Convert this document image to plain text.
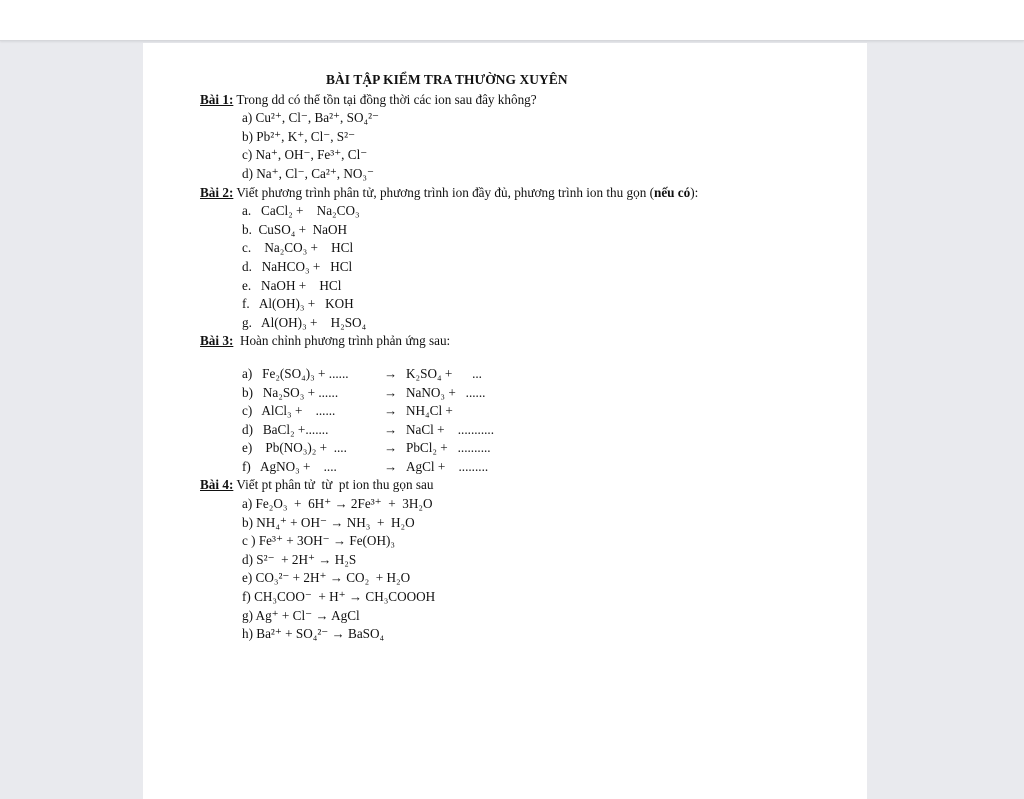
BÀI TẬP KIỂM TRA THƯỜNG XUYÊN
Bài 1: Trong dd có thể tồn tại đồng thời các ion sau đây không?
a) Cu²⁺, Cl⁻, Ba²⁺, SO₄²⁻
b) Pb²⁺, K⁺, Cl⁻, S²⁻
c) Na⁺, OH⁻, Fe³⁺, Cl⁻
d) Na⁺, Cl⁻, Ca²⁺, NO₃⁻
Bài 2: Viết phương trình phân tử, phương trình ion đầy đủ, phương trình ion thu gọn (nếu có):
a.   CaCl₂ +    Na₂CO₃
b.  CuSO₄ +  NaOH
c.    Na₂CO₃ +    HCl
d.   NaHCO₃ +   HCl
e.   NaOH +    HCl
f.   Al(OH)₃ +   KOH
g.   Al(OH)₃ +    H₂SO₄
Bài 3:  Hoàn chỉnh phương trình phản ứng sau:
a)   Fe₂(SO₄)₃ + ......	→ K₂SO₄ +      ...
b)   Na₂SO₃ + ......	→ NaNO₃ +   ......
c)   AlCl₃ +    ......	→ NH₄Cl +
d)   BaCl₂ +.......	→ NaCl +    ...........
e)    Pb(NO₃)₂ +  ....	→ PbCl₂ +   ..........
f)   AgNO₃ +    ....	→ AgCl +    .........
Bài 4: Viết pt phân tử  từ  pt ion thu gọn sau
a) Fe₂O₃  +  6H⁺ → 2Fe³⁺  +  3H₂O
b) NH₄⁺ + OH⁻ → NH₃  +  H₂O
c ) Fe³⁺ + 3OH⁻ → Fe(OH)₃
d) S²⁻  + 2H⁺ → H₂S
e) CO₃²⁻ + 2H⁺ → CO₂  + H₂O
f) CH₃COO⁻  + H⁺ → CH₃COOOH
g) Ag⁺ + Cl⁻ → AgCl
h) Ba²⁺ + SO₄²⁻ → BaSO₄
